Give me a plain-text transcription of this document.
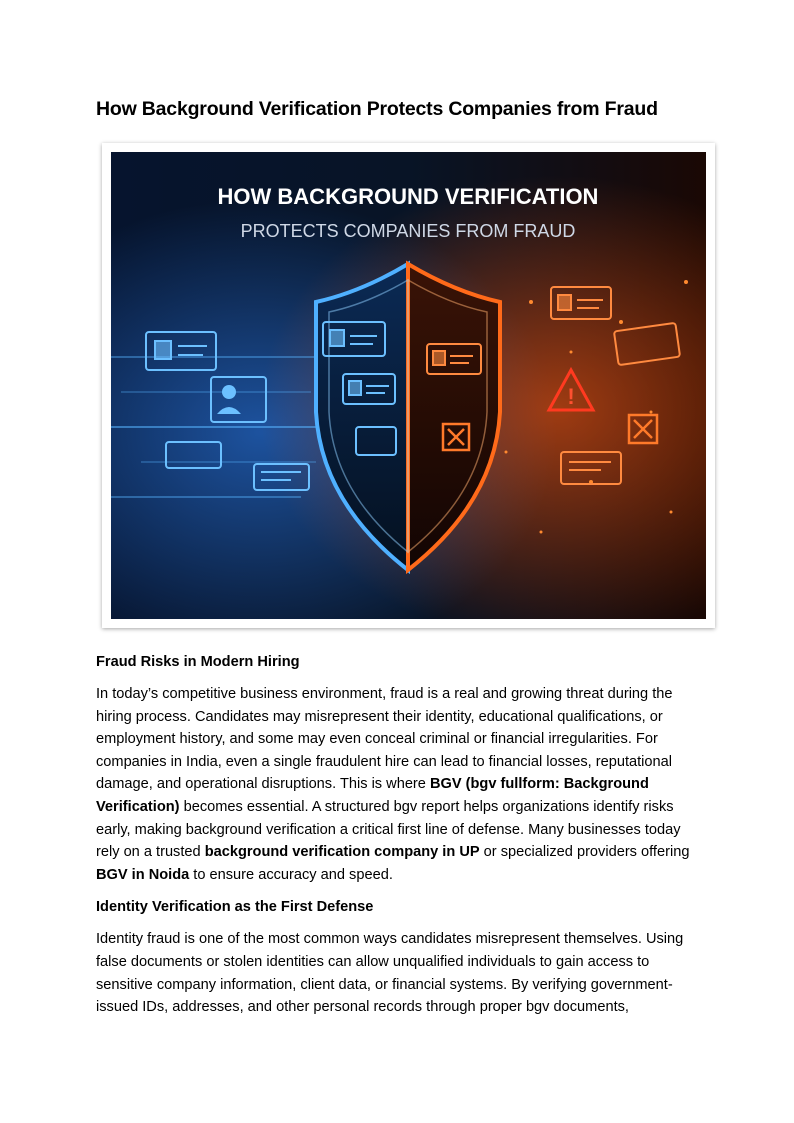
How Background Verification Protects Companies from Fraud
HOW BACKGROUND VERIFICATION
PROTECTS COMPANIES FROM FRAUD
!
Fraud Risks in Modern Hiring

In today’s competitive business environment, fraud is a real and growing threat during the hiring process. Candidates may misrepresent their identity, educational qualifications, or employment history, and some may even conceal criminal or financial irregularities. For companies in India, even a single fraudulent hire can lead to financial losses, reputational damage, and operational disruptions. This is where BGV (bgv fullform: Background Verification) becomes essential. A structured bgv report helps organizations identify risks early, making background verification a critical first line of defense. Many businesses today rely on a trusted background verification company in UP or specialized providers offering BGV in Noida to ensure accuracy and speed.

Identity Verification as the First Defense

Identity fraud is one of the most common ways candidates misrepresent themselves. Using false documents or stolen identities can allow unqualified individuals to gain access to sensitive company information, client data, or financial systems. By verifying government-issued IDs, addresses, and other personal records through proper bgv documents,
